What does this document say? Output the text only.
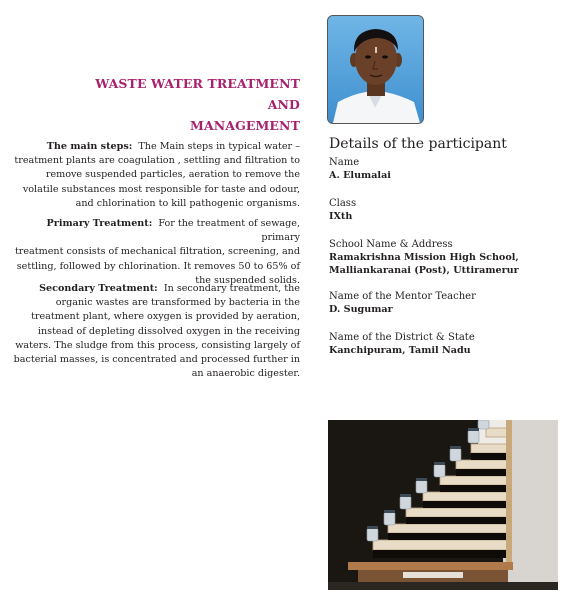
WASTE WATER TREATMENT AND
MANAGEMENT
The main steps: The Main steps in typical water –
treatment plants are coagulation , settling and filtration to
remove suspended particles, aeration to remove the
volatile substances most responsible for taste and odour,
and chlorination to kill pathogenic organisms.
Primary Treatment: For the treatment of sewage, primary
treatment consists of mechanical filtration, screening, and
settling, followed by chlorination. It removes 50 to 65% of
the suspended solids.
Secondary Treatment: In secondary treatment, the
organic wastes are transformed by bacteria in the
treatment plant, where oxygen is provided by aeration,
instead of depleting dissolved oxygen in the receiving
waters. The sludge from this process, consisting largely of
bacterial masses, is concentrated and processed further in
an anaerobic digester.
Details of the participant
Name
A. Elumalai
Class
IXth
School Name & Address
Ramakrishna Mission High School,
Malliankaranai (Post), Uttiramerur
Name of the Mentor Teacher
D. Sugumar
Name of the District & State
Kanchipuram, Tamil Nadu
